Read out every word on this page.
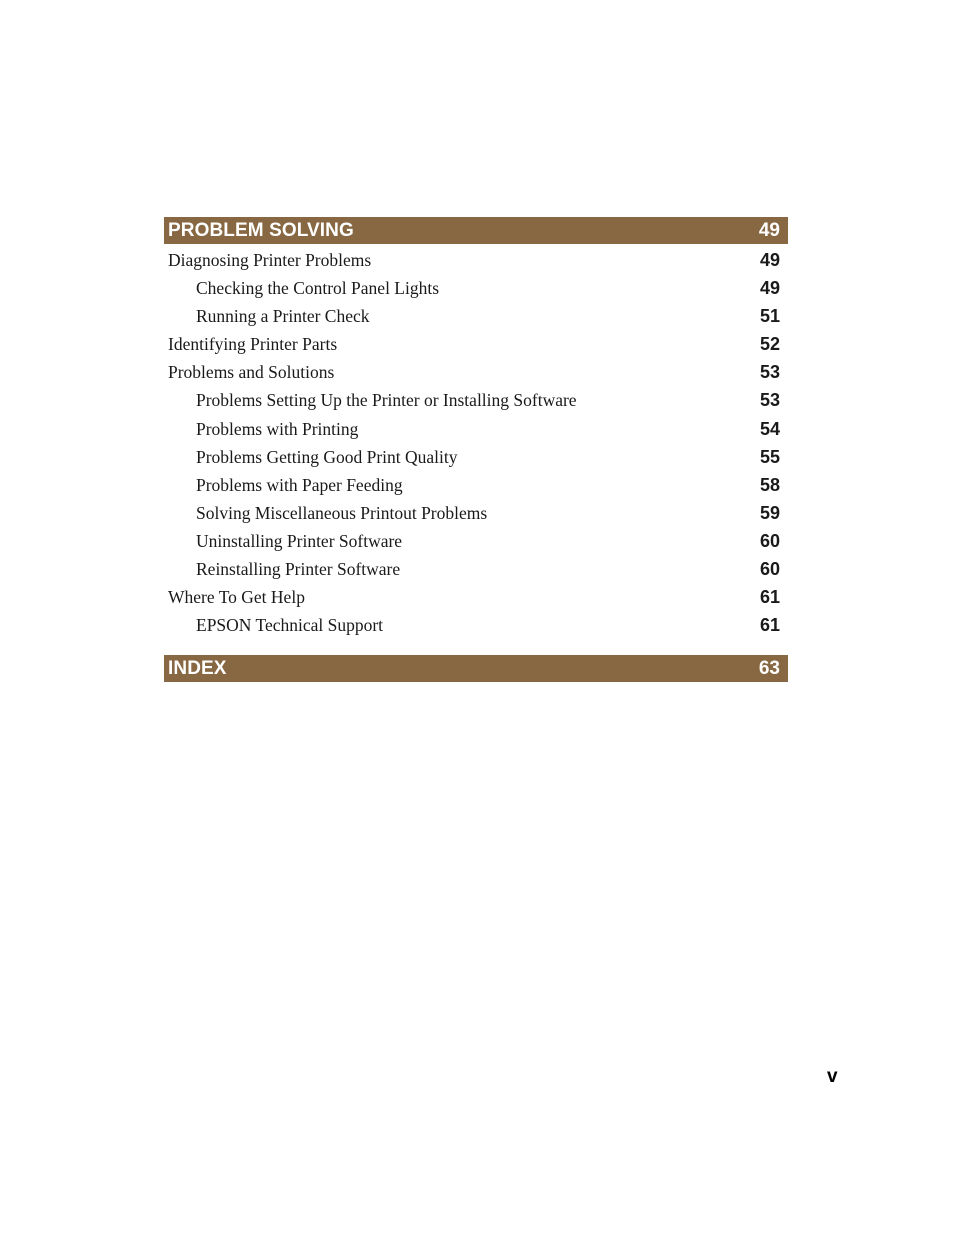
PROBLEM SOLVING	49
Diagnosing Printer Problems	49
Checking the Control Panel Lights	49
Running a Printer Check	51
Identifying Printer Parts	52
Problems and Solutions	53
Problems Setting Up the Printer or Installing Software	53
Problems with Printing	54
Problems Getting Good Print Quality	55
Problems with Paper Feeding	58
Solving Miscellaneous Printout Problems	59
Uninstalling Printer Software	60
Reinstalling Printer Software	60
Where To Get Help	61
EPSON Technical Support	61
INDEX	63
v
